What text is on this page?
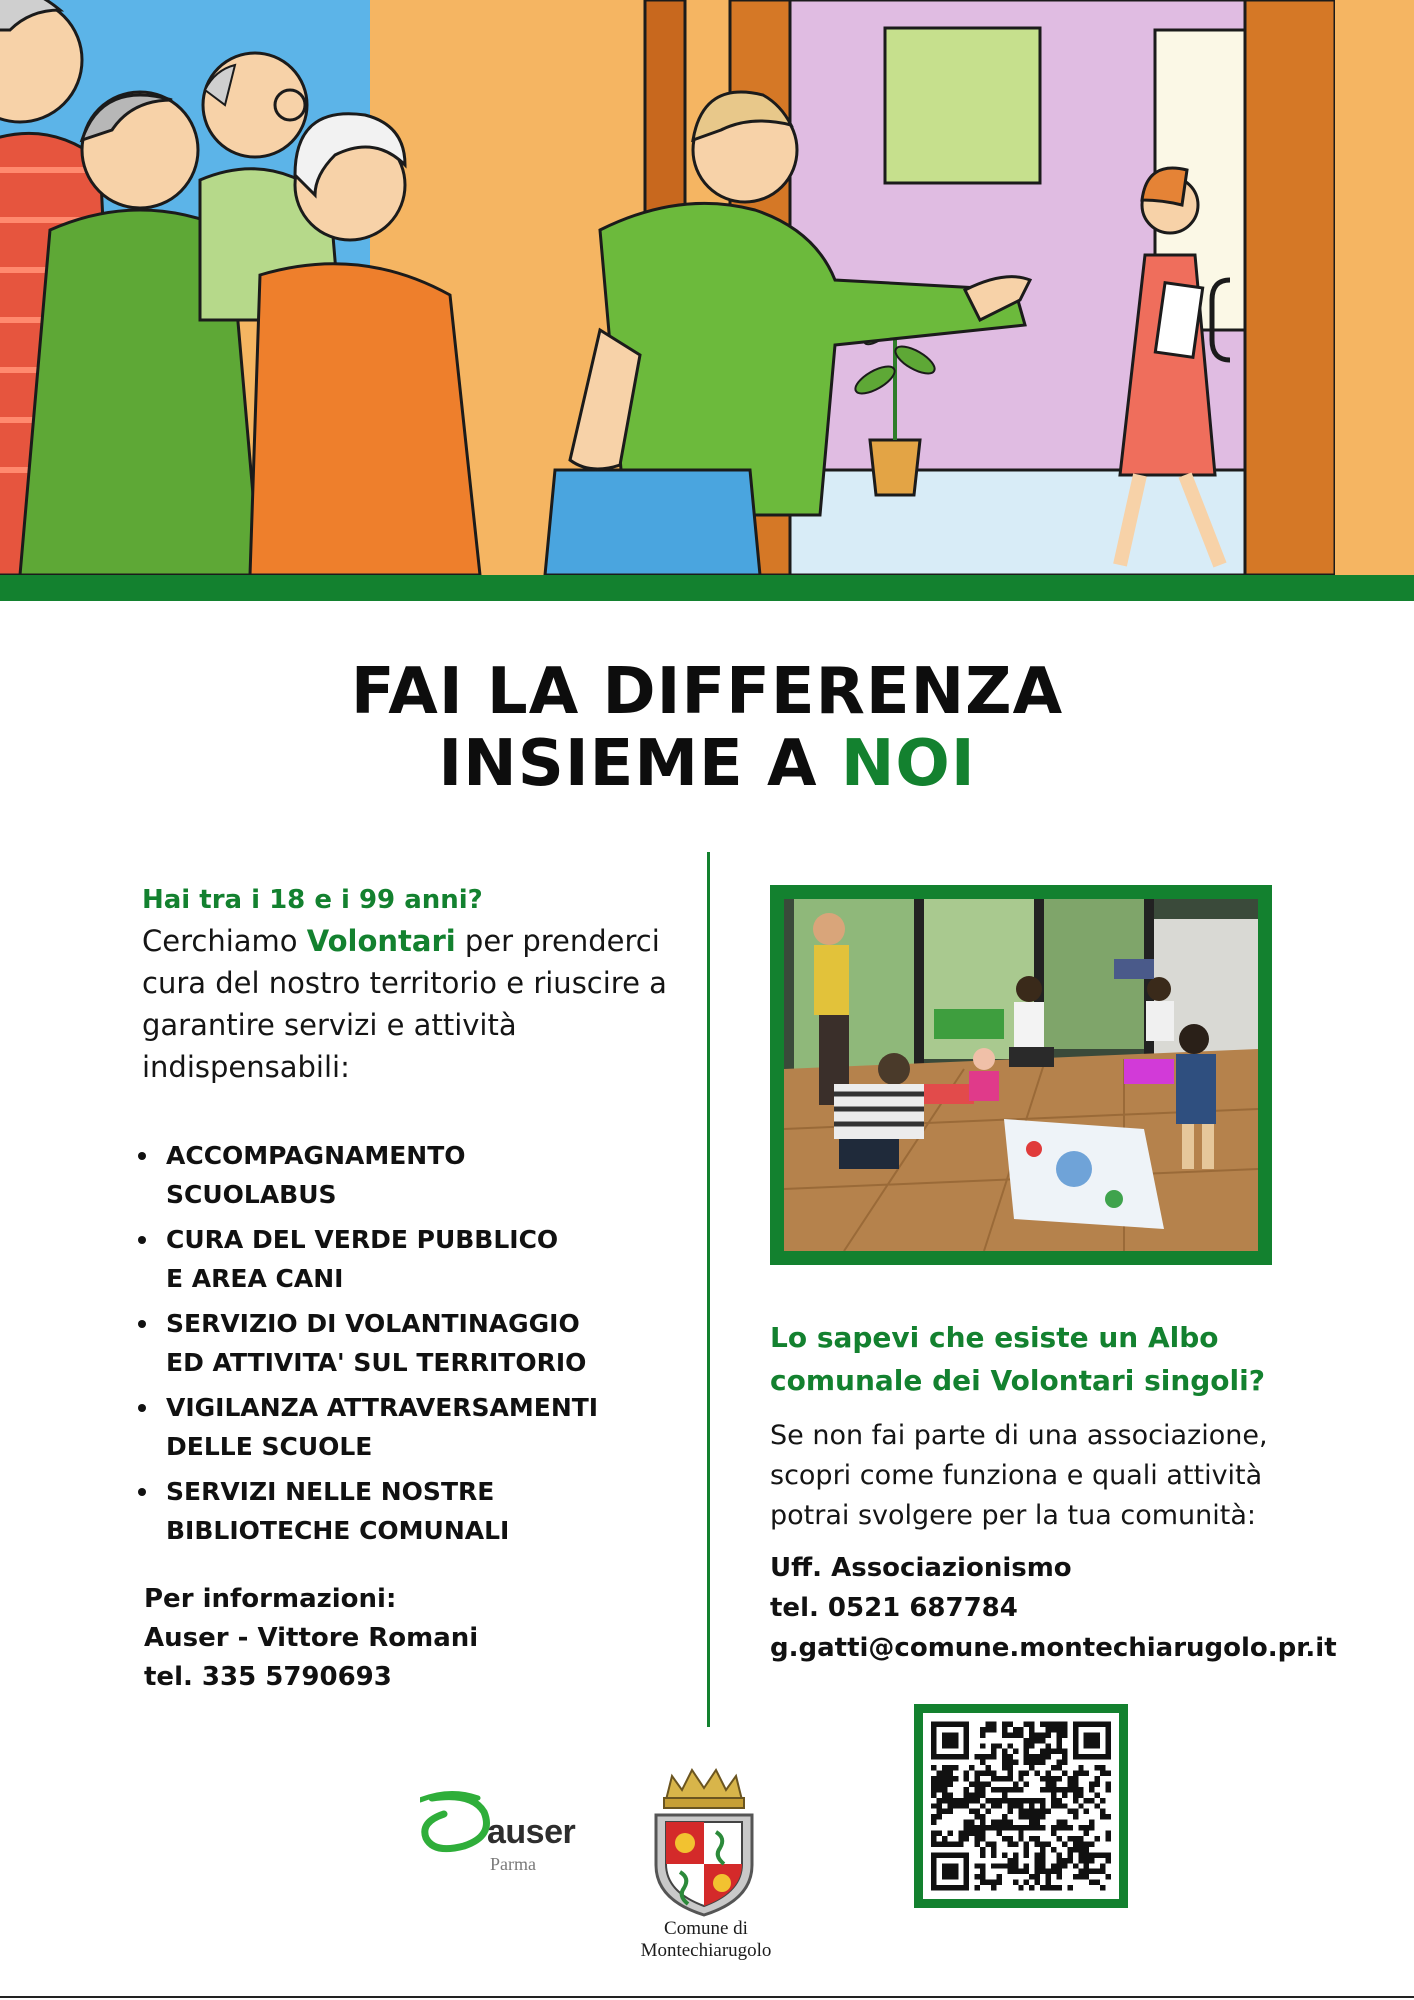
FAI LA DIFFERENZA
INSIEME A NOI
Hai tra i 18 e i 99 anni?

Cerchiamo Volontari per prenderci cura del nostro territorio e riuscire a garantire servizi e attività indispensabili:

ACCOMPAGNAMENTO
SCUOLABUS
CURA DEL VERDE PUBBLICO
E AREA CANI
SERVIZIO DI VOLANTINAGGIO
ED ATTIVITA' SUL TERRITORIO
VIGILANZA ATTRAVERSAMENTI
DELLE SCUOLE
SERVIZI NELLE NOSTRE
BIBLIOTECHE COMUNALI
Per informazioni:
Auser - Vittore Romani
tel. 335 5790693
Lo sapevi che esiste un Albo
comunale dei Volontari singoli?
Se non fai parte di una associazione,
scopri come funziona e quali attività
potrai svolgere per la tua comunità:
Uff. Associazionismo
tel. 0521 687784
g.gatti@comune.montechiarugolo.pr.it
auser
Parma
Comune di
Montechiarugolo
